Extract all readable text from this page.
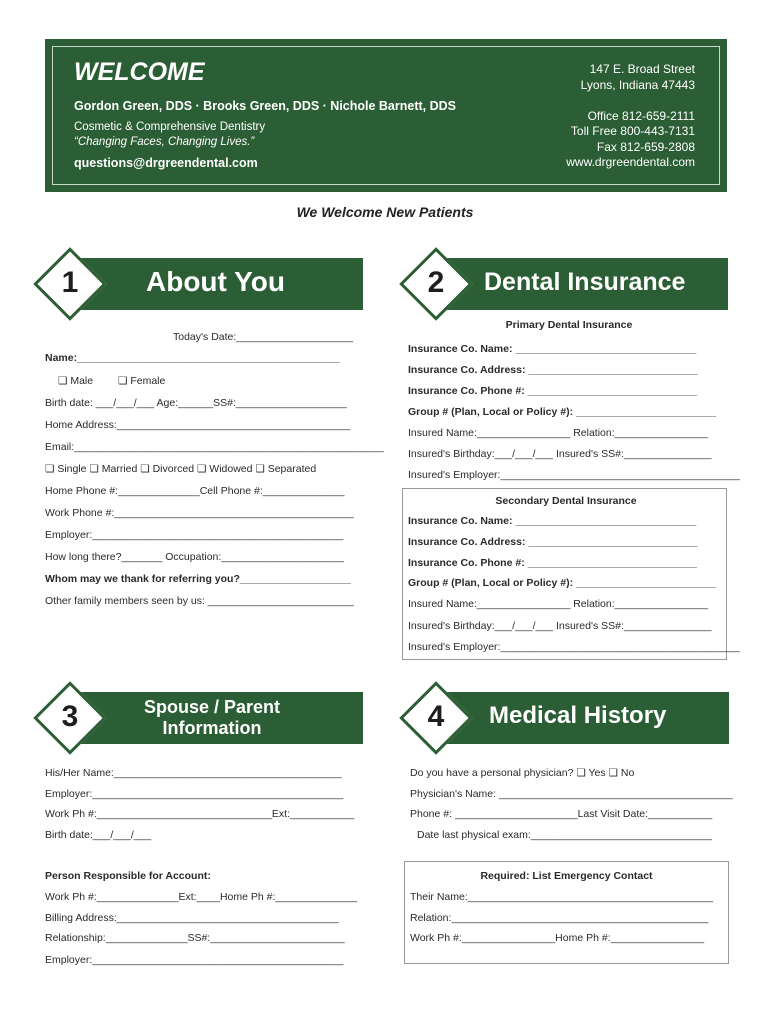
WELCOME
Gordon Green, DDS · Brooks Green, DDS · Nichole Barnett, DDS
Cosmetic & Comprehensive Dentistry
“Changing Faces, Changing Lives.”
questions@drgreendental.com
147 E. Broad Street
Lyons, Indiana 47443
Office 812-659-2111
Toll Free 800-443-7131
Fax 812-659-2808
www.drgreendental.com
We Welcome New Patients
1	About You	2	Dental Insurance
Today's Date:____________________
Name:_____________________________________________
❏ Male ❏ Female
Birth date: ___/___/___ Age:______SS#:___________________
Home Address:________________________________________
Email:_____________________________________________________
❏ Single ❏ Married ❏ Divorced ❏ Widowed ❏ Separated
Home Phone #:______________Cell Phone #:______________
Work Phone #:_________________________________________
Employer:___________________________________________
How long there?_______ Occupation:_____________________
Whom may we thank for referring you?___________________
Other family members seen by us: _________________________
Primary Dental Insurance
Insurance Co. Name: _______________________________
Insurance Co. Address: _____________________________
Insurance Co. Phone #: _____________________________
Group # (Plan, Local or Policy #): ________________________
Insured Name:________________ Relation:________________
Insured's Birthday:___/___/___ Insured's SS#:_______________
Insured's Employer:_________________________________________
Secondary Dental Insurance
Insurance Co. Name: _______________________________
Insurance Co. Address: _____________________________
Insurance Co. Phone #: _____________________________
Group # (Plan, Local or Policy #): ________________________
Insured Name:________________ Relation:________________
Insured's Birthday:___/___/___ Insured's SS#:_______________
Insured's Employer:_________________________________________
3	Spouse / Parent
Information	4	Medical History
His/Her Name:_______________________________________
Employer:___________________________________________
Work Ph #:______________________________Ext:___________
Birth date:___/___/___
Person Responsible for Account:
Work Ph #:______________Ext:____Home Ph #:______________
Billing Address:______________________________________
Relationship:______________SS#:_______________________
Employer:___________________________________________
Do you have a personal physician? ❏ Yes ❏ No
Physician's Name: ________________________________________
Phone #: _____________________Last Visit Date:___________
Date last physical exam:_______________________________
Required: List Emergency Contact
Their Name:__________________________________________
Relation:____________________________________________
Work Ph #:________________Home Ph #:________________
